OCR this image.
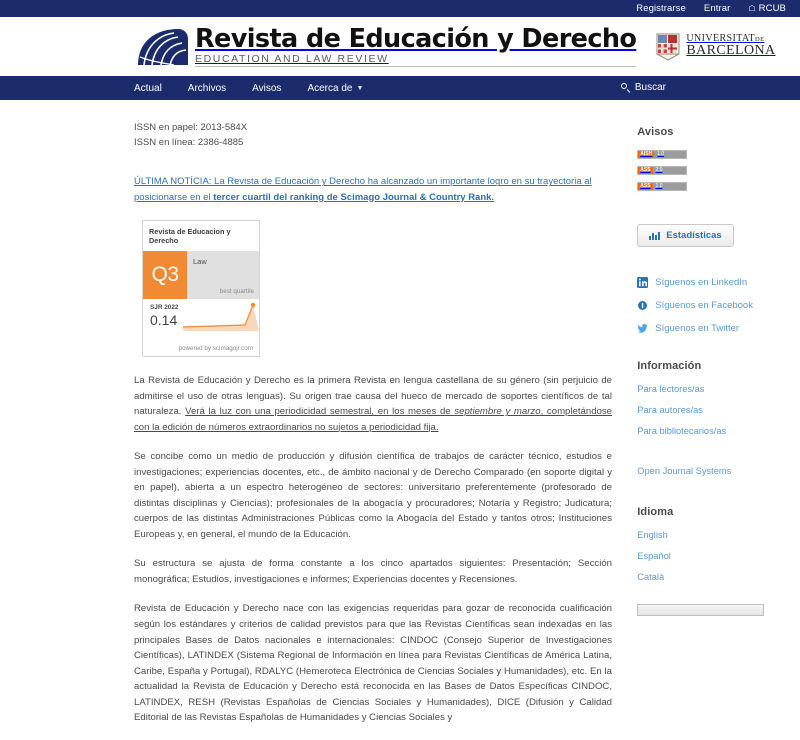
Registrarse Entrar ☖ RCUB
Revista de Educación y Derecho
EDUCATION AND LAW REVIEW
UNIVERSITATDE
BARCELONA
Actual	Archivos	Avisos	Acerca de ▼	Buscar
ISSN en papel: 2013-584X
ISSN en línea: 2386-4885
ÚLTIMA NOTÍCIA: La Revista de Educación y Derecho ha alcanzado un importante logro en su trayectoria al posicionarse en el tercer cuartil del ranking de Scimago Journal & Country Rank.
Revista de Educacion y Derecho
Q3
Law
best quartile
SJR 2022
0.14
powered by scimagojr.com

La Revista de Educación y Derecho es la primera Revista en lengua castellana de su género (sin perjuicio de admitirse el uso de otras lenguas). Su origen trae causa del hueco de mercado de soportes científicos de tal naturaleza. Verá la luz con una periodicidad semestral, en los meses de septiembre y marzo, completándose con la edición de números extraordinarios no sujetos a periodicidad fija.

Se concibe como un medio de producción y difusión científica de trabajos de carácter técnico, estudios e investigaciones; experiencias docentes, etc., de ámbito nacional y de Derecho Comparado (en soporte digital y en papel), abierta a un espectro heterogéneo de sectores: universitario preferentemente (profesorado de distintas disciplinas y Ciencias); profesionales de la abogacía y procuradores; Notaría y Registro; Judicatura; cuerpos de las distintas Administraciones Públicas como la Abogacía del Estado y tantos otros; Instituciones Europeas y, en general, el mundo de la Educación.

Su estructura se ajusta de forma constante a los cinco apartados siguientes: Presentación; Sección monográfica; Estudios, investigaciones e informes; Experiencias docentes y Recensiones.

Revista de Educación y Derecho nace con las exigencias requeridas para gozar de reconocida cualificación según los estándares y criterios de calidad previstos para que las Revistas Científicas sean indexadas en las principales Bases de Datos nacionales e internacionales: CINDOC (Consejo Superior de Investigaciones Científicas), LATINDEX (Sistema Regional de Información en línea para Revistas Científicas de América Latina, Caribe, España y Portugal), RDALYC (Hemeroteca Electrónica de Ciencias Sociales y Humanidades), etc. En la actualidad la Revista de Educación y Derecho está reconocida en las Bases de Datos Específicas CINDOC, LATINDEX, RESH (Revistas Españolas de Ciencias Sociales y Humanidades), DICE (Difusión y Calidad Editorial de las Revistas Españolas de Humanidades y Ciencias Sociales y

Avisos
AISH	1.0
ASS	2.0
ASS	1.0
Estadísticas
Síguenos en LinkedIn
Síguenos en Facebook
Síguenos en Twitter
Información
Para lectores/as
Para autores/as
Para bibliotecarios/as
Open Journal Systems
Idioma
English
Español
Català
